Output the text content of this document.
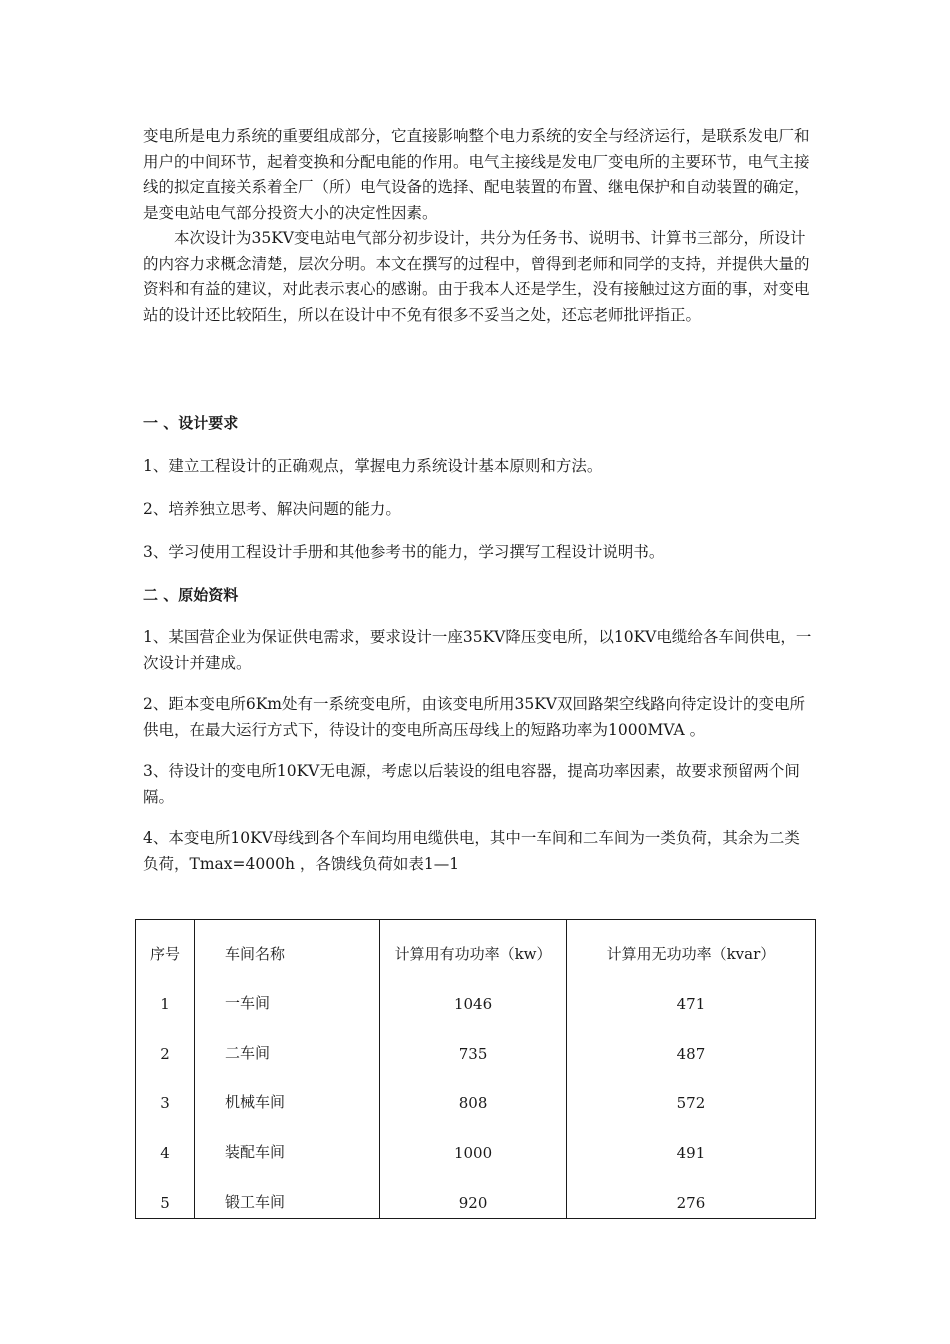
变电所是电力系统的重要组成部分，它直接影响整个电力系统的安全与经济运行，是联系发电厂和用户的中间环节，起着变换和分配电能的作用。电气主接线是发电厂变电所的主要环节，电气主接线的拟定直接关系着全厂（所）电气设备的选择、配电装置的布置、继电保护和自动装置的确定，是变电站电气部分投资大小的决定性因素。

本次设计为35KV变电站电气部分初步设计，共分为任务书、说明书、计算书三部分，所设计的内容力求概念清楚，层次分明。本文在撰写的过程中，曾得到老师和同学的支持，并提供大量的资料和有益的建议，对此表示衷心的感谢。由于我本人还是学生，没有接触过这方面的事，对变电站的设计还比较陌生，所以在设计中不免有很多不妥当之处，还忘老师批评指正。

一 、设计要求

1、建立工程设计的正确观点，掌握电力系统设计基本原则和方法。

2、培养独立思考、解决问题的能力。

3、学习使用工程设计手册和其他参考书的能力，学习撰写工程设计说明书。

二 、原始资料

1、某国营企业为保证供电需求，要求设计一座35KV降压变电所，以10KV电缆给各车间供电，一次设计并建成。

2、距本变电所6Km处有一系统变电所，由该变电所用35KV双回路架空线路向待定设计的变电所供电，在最大运行方式下，待设计的变电所高压母线上的短路功率为1000MVA 。

3、待设计的变电所10KV无电源，考虑以后装设的组电容器，提高功率因素，故要求预留两个间隔。

4、本变电所10KV母线到各个车间均用电缆供电，其中一车间和二车间为一类负荷，其余为二类负荷，Tmax=4000h ，各馈线负荷如表1—1

序号	车间名称	计算用有功功率（kw）	计算用无功功率（kvar）
1	一车间	1046	471
2	二车间	735	487
3	机械车间	808	572
4	装配车间	1000	491
5	锻工车间	920	276
